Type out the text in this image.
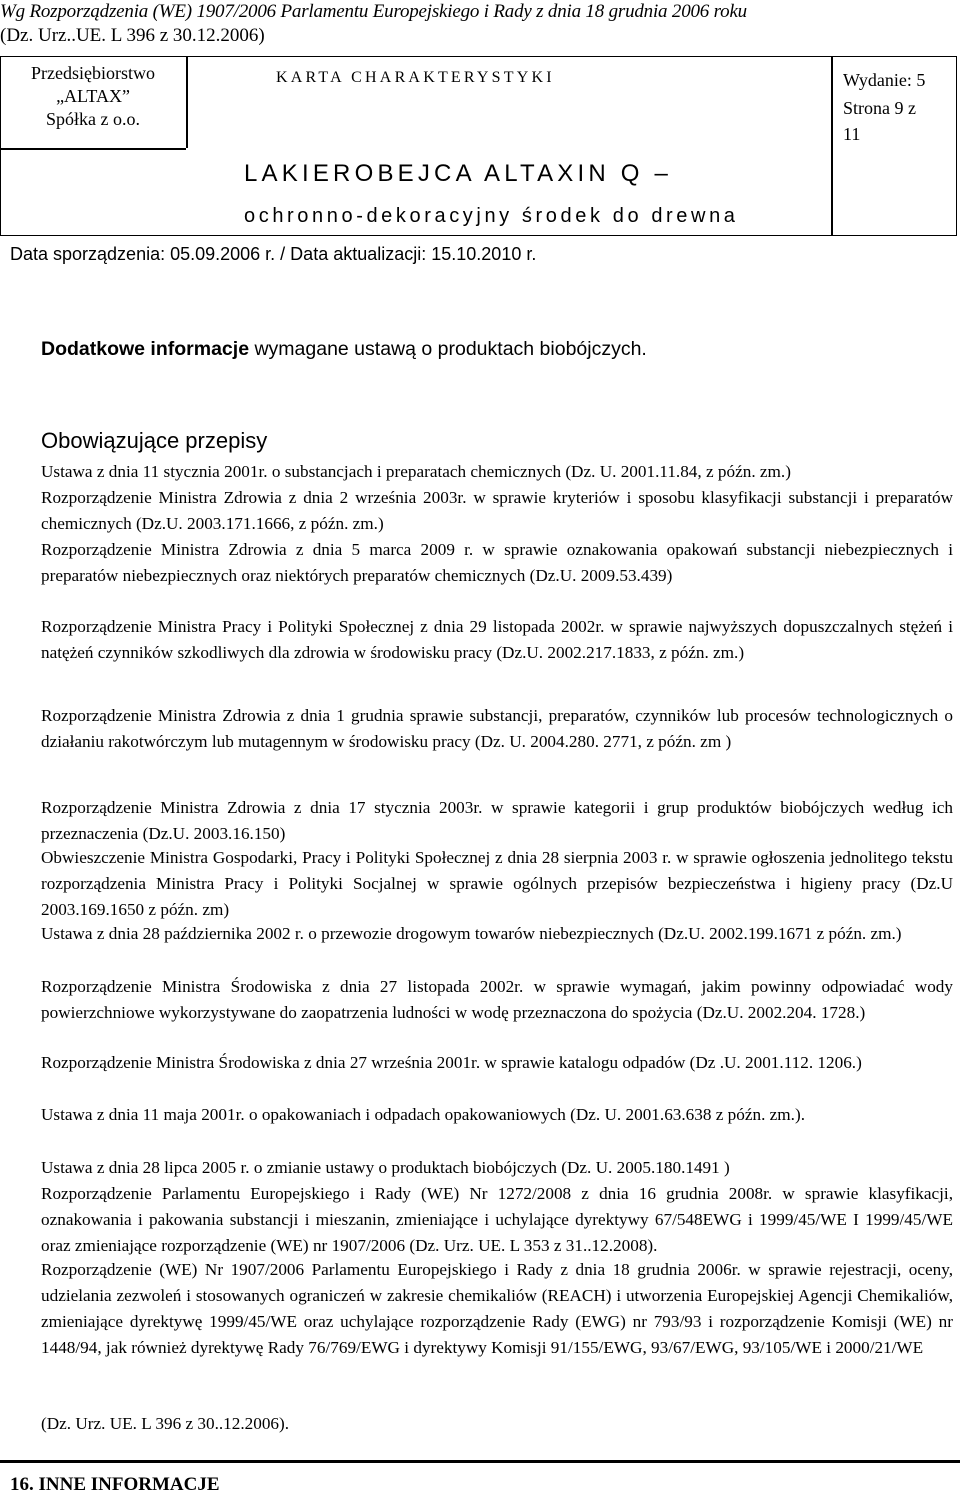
Wg Rozporządzenia (WE) 1907/2006 Parlamentu Europejskiego i Rady z dnia 18 grudnia 2006 roku
(Dz. Urz..UE. L 396 z 30.12.2006)
Przedsiębiorstwo
„ALTAX”
Spółka z o.o.
KARTA CHARAKTERYSTYKI	Wydanie: 5
Strona 9 z
11
LAKIEROBEJCA ALTAXIN Q –
ochronno-dekoracyjny środek do drewna
Data sporządzenia: 05.09.2006 r. / Data aktualizacji: 15.10.2010 r.
Dodatkowe informacje wymagane ustawą o produktach biobójczych.
Obowiązujące przepisy
Ustawa z dnia 11 stycznia 2001r. o substancjach i preparatach chemicznych (Dz. U. 2001.11.84, z późn. zm.)
Rozporządzenie Ministra Zdrowia z dnia 2 września 2003r. w sprawie kryteriów i sposobu klasyfikacji substancji i preparatów chemicznych (Dz.U. 2003.171.1666, z późn. zm.)
Rozporządzenie Ministra Zdrowia z dnia 5 marca 2009 r. w sprawie oznakowania opakowań substancji niebezpiecznych i preparatów niebezpiecznych oraz niektórych preparatów chemicznych (Dz.U. 2009.53.439)
Rozporządzenie Ministra Pracy i Polityki Społecznej z dnia 29 listopada 2002r. w sprawie najwyższych dopuszczalnych stężeń i natężeń czynników szkodliwych dla zdrowia w środowisku pracy (Dz.U. 2002.217.1833, z późn. zm.)
Rozporządzenie Ministra Zdrowia z dnia 1 grudnia sprawie substancji, preparatów, czynników lub procesów technologicznych o działaniu rakotwórczym lub mutagennym w środowisku pracy (Dz. U. 2004.280. 2771, z późn. zm )
Rozporządzenie Ministra Zdrowia z dnia 17 stycznia 2003r. w sprawie kategorii i grup produktów biobójczych według ich przeznaczenia (Dz.U. 2003.16.150)
Obwieszczenie Ministra Gospodarki, Pracy i Polityki Społecznej z dnia 28 sierpnia 2003 r. w sprawie ogłoszenia jednolitego tekstu rozporządzenia Ministra Pracy i Polityki Socjalnej w sprawie ogólnych przepisów bezpieczeństwa i higieny pracy (Dz.U 2003.169.1650 z późn. zm)
Ustawa z dnia 28 października 2002 r. o przewozie drogowym towarów niebezpiecznych (Dz.U. 2002.199.1671 z późn. zm.)
Rozporządzenie Ministra Środowiska z dnia 27 listopada 2002r. w sprawie wymagań, jakim powinny odpowiadać wody powierzchniowe wykorzystywane do zaopatrzenia ludności w wodę przeznaczona do spożycia (Dz.U. 2002.204. 1728.)
Rozporządzenie Ministra Środowiska z dnia 27 września 2001r. w sprawie katalogu odpadów (Dz .U. 2001.112. 1206.)
Ustawa z dnia 11 maja 2001r. o opakowaniach i odpadach opakowaniowych (Dz. U. 2001.63.638 z późn. zm.).
Ustawa z dnia 28 lipca 2005 r. o zmianie ustawy o produktach biobójczych (Dz. U. 2005.180.1491 )
Rozporządzenie Parlamentu Europejskiego i Rady (WE) Nr 1272/2008 z dnia 16 grudnia 2008r. w sprawie klasyfikacji, oznakowania i pakowania substancji i mieszanin, zmieniające i uchylające dyrektywy 67/548EWG i 1999/45/WE I 1999/45/WE oraz zmieniające rozporządzenie (WE) nr 1907/2006 (Dz. Urz. UE. L 353 z 31..12.2008).
Rozporządzenie (WE) Nr 1907/2006 Parlamentu Europejskiego i Rady z dnia 18 grudnia 2006r. w sprawie rejestracji, oceny, udzielania zezwoleń i stosowanych ograniczeń w zakresie chemikaliów (REACH) i utworzenia Europejskiej Agencji Chemikaliów, zmieniające dyrektywę 1999/45/WE oraz uchylające rozporządzenie Rady (EWG) nr 793/93 i rozporządzenie Komisji (WE) nr 1448/94, jak również dyrektywę Rady 76/769/EWG i dyrektywy Komisji 91/155/EWG, 93/67/EWG, 93/105/WE i 2000/21/WE
(Dz. Urz. UE. L 396 z 30..12.2006).
16. INNE INFORMACJE
